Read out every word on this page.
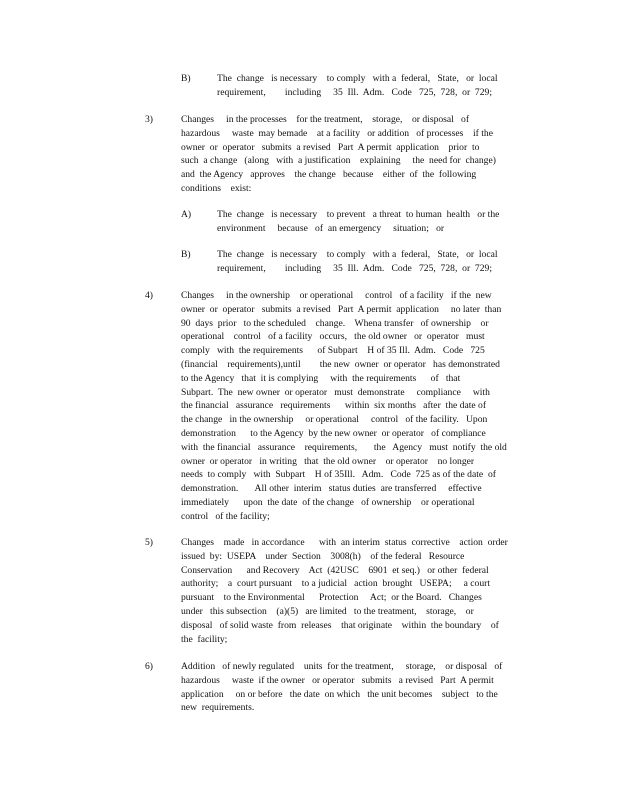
B)	The  change   is necessary    to comply   with a  federal,   State,   or  local
requirement,        including     35  Ill.  Adm.   Code   725,  728,  or  729;
3)	Changes     in the processes    for the treatment,    storage,    or disposal   of
hazardous     waste  may bemade    at a facility   or addition   of processes    if the
owner  or  operator   submits  a revised   Part  A permit  application    prior  to
such  a change   (along   with  a justification    explaining     the  need for  change)
and  the Agency   approves    the change   because    either  of  the  following
conditions    exist:
A)	The  change   is necessary    to prevent   a threat  to human  health   or the
environment     because   of  an emergency     situation;   or
B)	The  change   is necessary    to comply   with a  federal,   State,   or  local
requirement,        including     35  Ill.  Adm.   Code   725,  728,  or  729;
4)	Changes     in the ownership    or operational     control   of a facility   if the  new
owner  or  operator   submits  a revised   Part  A permit  application     no later  than
90  days  prior   to the scheduled    change.    Whena transfer   of ownership    or
operational    control   of a facility   occurs,   the old owner   or  operator   must
comply   with  the requirements      of Subpart    H of 35 Ill.  Adm.   Code   725
(financial    requirements),until        the new  owner  or operator   has demonstrated
to the Agency   that  it is complying     with  the requirements      of   that
Subpart.  The  new owner  or operator   must  demonstrate     compliance     with
the financial   assurance   requirements      within  six months   after  the date of
the change   in the ownership     or operational     control   of the facility.   Upon
demonstration      to the Agency  by the new owner  or operator   of compliance
with  the financial   assurance    requirements,       the   Agency   must  notify  the old
owner  or operator   in writing   that  the old owner    or operator    no longer
needs  to comply   with  Subpart    H of 35Ill.   Adm.   Code  725 as of the date  of
demonstration.       All other  interim   status duties  are transferred     effective
immediately      upon  the date  of the change   of ownership    or operational
control   of the facility;
5)	Changes    made   in accordance      with  an interim  status  corrective    action  order
issued  by:  USEPA    under  Section    3008(h)    of the federal   Resource
Conservation      and Recovery    Act  (42USC    6901  et seq.)   or other  federal
authority;    a  court pursuant    to a judicial   action  brought   USEPA;     a court
pursuant    to the Environmental      Protection     Act;  or the Board.   Changes
under   this subsection    (a)(5)   are limited   to the treatment,    storage,    or
disposal   of solid waste  from  releases    that originate    within  the boundary    of
the  facility;
6)	Addition   of newly regulated    units  for the treatment,     storage,    or disposal   of
hazardous     waste  if the owner   or operator   submits   a revised   Part  A permit
application     on or before   the date  on which   the unit becomes    subject   to the
new  requirements.
